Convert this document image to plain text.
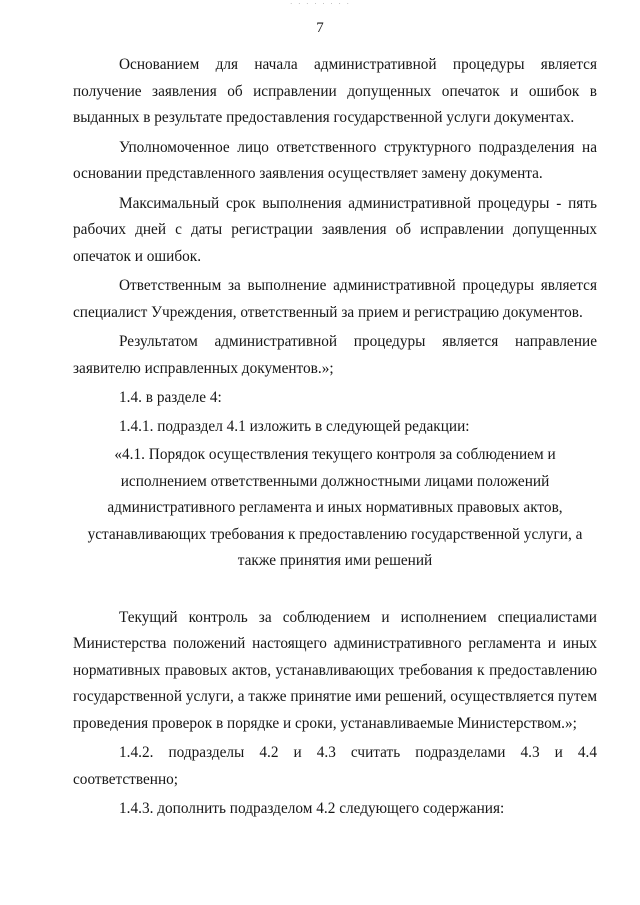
· · · · · · · ·
7

Основанием для начала административной процедуры является получение заявления об исправлении допущенных опечаток и ошибок в выданных в результате предоставления государственной услуги документах.

Уполномоченное лицо ответственного структурного подразделения на основании представленного заявления осуществляет замену документа.

Максимальный срок выполнения административной процедуры - пять рабочих дней с даты регистрации заявления об исправлении допущенных опечаток и ошибок.

Ответственным за выполнение административной процедуры является специалист Учреждения, ответственный за прием и регистрацию документов.

Результатом административной процедуры является направление заявителю исправленных документов.»;

1.4. в разделе 4:

1.4.1. подраздел 4.1 изложить в следующей редакции:

«4.1. Порядок осуществления текущего контроля за соблюдением и исполнением ответственными должностными лицами положений административного регламента и иных нормативных правовых актов, устанавливающих требования к предоставлению государственной услуги, а также принятия ими решений

Текущий контроль за соблюдением и исполнением специалистами Министерства положений настоящего административного регламента и иных нормативных правовых актов, устанавливающих требования к предоставлению государственной услуги, а также принятие ими решений, осуществляется путем проведения проверок в порядке и сроки, устанавливаемые Министерством.»;

1.4.2. подразделы 4.2 и 4.3 считать подразделами 4.3 и 4.4 соответственно;

1.4.3. дополнить подразделом 4.2 следующего содержания:
